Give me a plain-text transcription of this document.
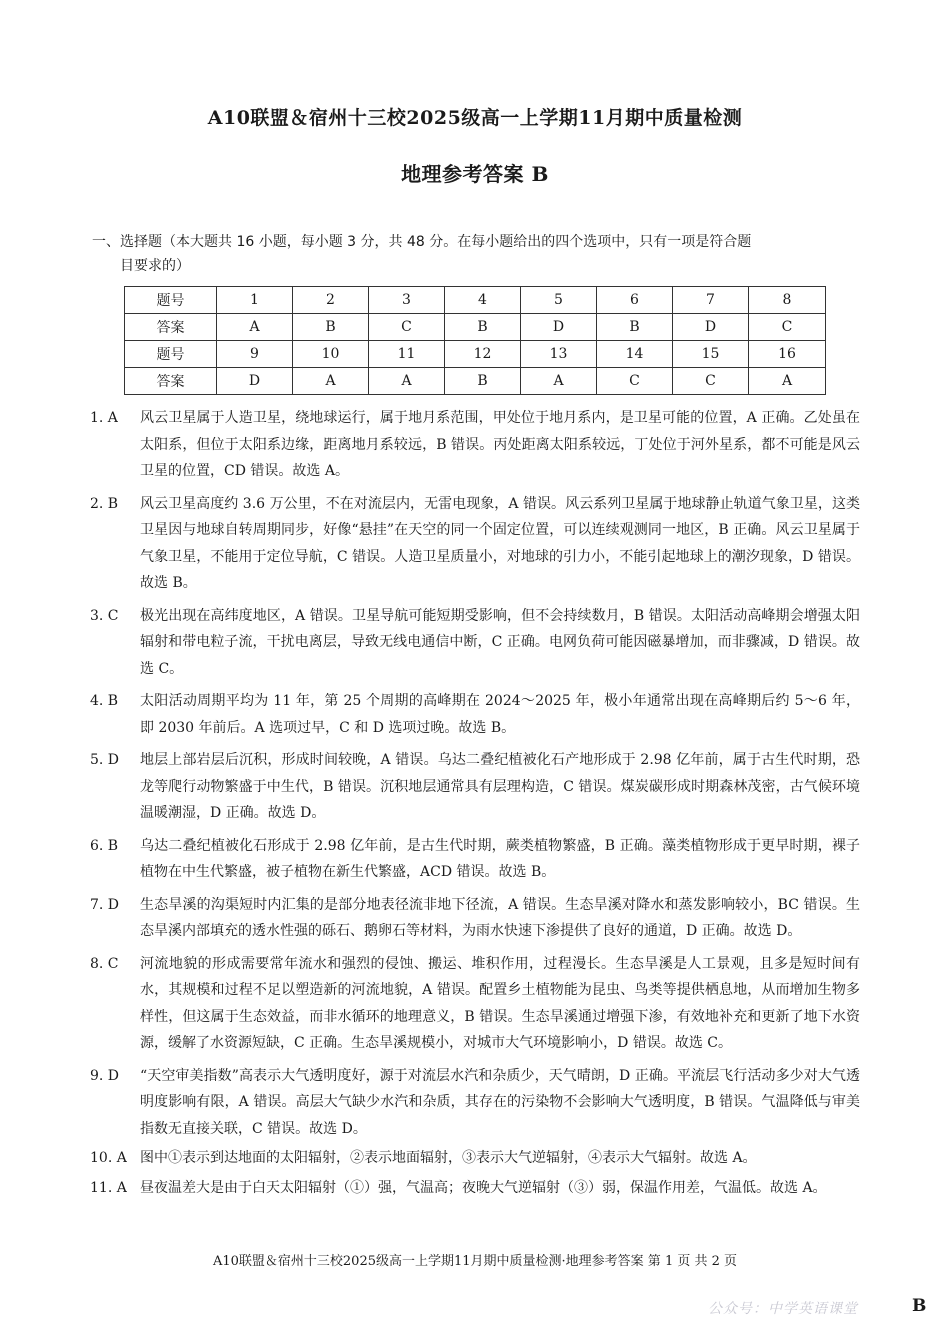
A10联盟＆宿州十三校2025级高一上学期11月期中质量检测
地理参考答案 B
一、选择题（本大题共 16 小题，每小题 3 分，共 48 分。在每小题给出的四个选项中，只有一项是符合题
目要求的）
题号	1	2	3	4	5	6	7	8
答案	A	B	C	B	D	B	D	C
题号	9	10	11	12	13	14	15	16
答案	D	A	A	B	A	C	C	A
1. A	风云卫星属于人造卫星，绕地球运行，属于地月系范围，甲处位于地月系内，是卫星可能的位置，A 正确。乙处虽在太阳系，但位于太阳系边缘，距离地月系较远，B 错误。丙处距离太阳系较远，丁处位于河外星系，都不可能是风云卫星的位置，CD 错误。故选 A。
2. B	风云卫星高度约 3.6 万公里，不在对流层内，无雷电现象，A 错误。风云系列卫星属于地球静止轨道气象卫星，这类卫星因与地球自转周期同步，好像“悬挂”在天空的同一个固定位置，可以连续观测同一地区，B 正确。风云卫星属于气象卫星，不能用于定位导航，C 错误。人造卫星质量小，对地球的引力小，不能引起地球上的潮汐现象，D 错误。故选 B。
3. C	极光出现在高纬度地区，A 错误。卫星导航可能短期受影响，但不会持续数月，B 错误。太阳活动高峰期会增强太阳辐射和带电粒子流，干扰电离层，导致无线电通信中断，C 正确。电网负荷可能因磁暴增加，而非骤减，D 错误。故选 C。
4. B	太阳活动周期平均为 11 年，第 25 个周期的高峰期在 2024～2025 年，极小年通常出现在高峰期后约 5～6 年，即 2030 年前后。A 选项过早，C 和 D 选项过晚。故选 B。
5. D	地层上部岩层后沉积，形成时间较晚，A 错误。乌达二叠纪植被化石产地形成于 2.98 亿年前，属于古生代时期，恐龙等爬行动物繁盛于中生代，B 错误。沉积地层通常具有层理构造，C 错误。煤炭碳形成时期森林茂密，古气候环境温暖潮湿，D 正确。故选 D。
6. B	乌达二叠纪植被化石形成于 2.98 亿年前，是古生代时期，蕨类植物繁盛，B 正确。藻类植物形成于更早时期，裸子植物在中生代繁盛，被子植物在新生代繁盛，ACD 错误。故选 B。
7. D	生态旱溪的沟渠短时内汇集的是部分地表径流非地下径流，A 错误。生态旱溪对降水和蒸发影响较小，BC 错误。生态旱溪内部填充的透水性强的砾石、鹅卵石等材料，为雨水快速下渗提供了良好的通道，D 正确。故选 D。
8. C	河流地貌的形成需要常年流水和强烈的侵蚀、搬运、堆积作用，过程漫长。生态旱溪是人工景观，且多是短时间有水，其规模和过程不足以塑造新的河流地貌，A 错误。配置乡土植物能为昆虫、鸟类等提供栖息地，从而增加生物多样性，但这属于生态效益，而非水循环的地理意义，B 错误。生态旱溪通过增强下渗，有效地补充和更新了地下水资源，缓解了水资源短缺，C 正确。生态旱溪规模小，对城市大气环境影响小，D 错误。故选 C。
9. D	“天空审美指数”高表示大气透明度好，源于对流层水汽和杂质少，天气晴朗，D 正确。平流层飞行活动多少对大气透明度影响有限，A 错误。高层大气缺少水汽和杂质，其存在的污染物不会影响大气透明度，B 错误。气温降低与审美指数无直接关联，C 错误。故选 D。
10. A 图中①表示到达地面的太阳辐射，②表示地面辐射，③表示大气逆辐射，④表示大气辐射。故选 A。
11. A 昼夜温差大是由于白天太阳辐射（①）强，气温高；夜晚大气逆辐射（③）弱，保温作用差，气温低。故选 A。
A10联盟＆宿州十三校2025级高一上学期11月期中质量检测·地理参考答案 第 1 页 共 2 页
公众号：中学英语课堂	B
